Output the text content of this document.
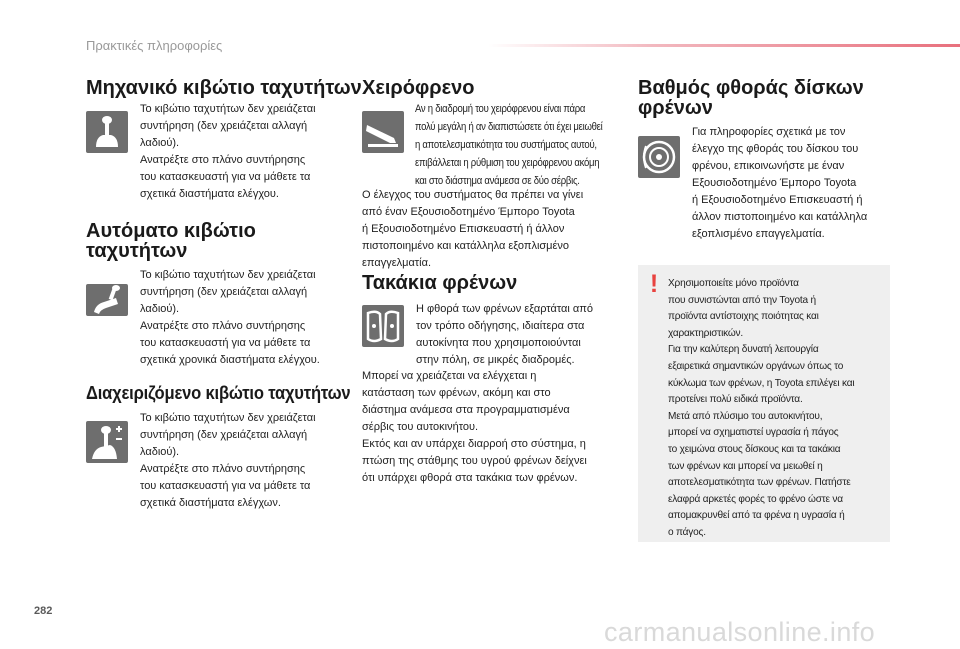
Πρακτικές πληροφορίες
Μηχανικό κιβώτιο ταχυτήτων
Το κιβώτιο ταχυτήτων δεν χρειάζεται
συντήρηση (δεν χρειάζεται αλλαγή
λαδιού).
Ανατρέξτε στο πλάνο συντήρησης
του κατασκευαστή για να μάθετε τα
σχετικά διαστήματα ελέγχου.
Αυτόματο κιβώτιο
ταχυτήτων
Το κιβώτιο ταχυτήτων δεν χρειάζεται
συντήρηση (δεν χρειάζεται αλλαγή
λαδιού).
Ανατρέξτε στο πλάνο συντήρησης
του κατασκευαστή για να μάθετε τα
σχετικά χρονικά διαστήματα ελέγχου.
Διαχειριζόμενο κιβώτιο ταχυτήτων
Το κιβώτιο ταχυτήτων δεν χρειάζεται
συντήρηση (δεν χρειάζεται αλλαγή
λαδιού).
Ανατρέξτε στο πλάνο συντήρησης
του κατασκευαστή για να μάθετε τα
σχετικά διαστήματα ελέγχων.
Χειρόφρενο
Αν η διαδρομή του χειρόφρενου είναι πάρα
πολύ μεγάλη ή αν διαπιστώσετε ότι έχει μειωθεί
η αποτελεσματικότητα του συστήματος αυτού,
επιβάλλεται η ρύθμιση του χειρόφρενου ακόμη
και στο διάστημα ανάμεσα σε δύο σέρβις.
Ο έλεγχος του συστήματος θα πρέπει να γίνει
από έναν Εξουσιοδοτημένο Έμπορο Toyota
ή Εξουσιοδοτημένο Επισκευαστή ή άλλον
πιστοποιημένο και κατάλληλα εξοπλισμένο
επαγγελματία.
Τακάκια φρένων
Η φθορά των φρένων εξαρτάται από
τον τρόπο οδήγησης, ιδιαίτερα στα
αυτοκίνητα που χρησιμοποιούνται
στην πόλη, σε μικρές διαδρομές.
Μπορεί να χρειάζεται να ελέγχεται η
κατάσταση των φρένων, ακόμη και στο
διάστημα ανάμεσα στα προγραμματισμένα
σέρβις του αυτοκινήτου.
Εκτός και αν υπάρχει διαρροή στο σύστημα, η
πτώση της στάθμης του υγρού φρένων δείχνει
ότι υπάρχει φθορά στα τακάκια των φρένων.
Βαθμός φθοράς δίσκων
φρένων
Για πληροφορίες σχετικά με τον
έλεγχο της φθοράς του δίσκου του
φρένου, επικοινωνήστε με έναν
Εξουσιοδοτημένο Έμπορο Toyota
ή Εξουσιοδοτημένο Επισκευαστή ή
άλλον πιστοποιημένο και κατάλληλα
εξοπλισμένο επαγγελματία.
! Χρησιμοποιείτε μόνο προϊόντα
που συνιστώνται από την Toyota ή
προϊόντα αντίστοιχης ποιότητας και
χαρακτηριστικών.
Για την καλύτερη δυνατή λειτουργία
εξαιρετικά σημαντικών οργάνων όπως το
κύκλωμα των φρένων, η Toyota επιλέγει και
προτείνει πολύ ειδικά προϊόντα.
Μετά από πλύσιμο του αυτοκινήτου,
μπορεί να σχηματιστεί υγρασία ή πάγος
το χειμώνα στους δίσκους και τα τακάκια
των φρένων και μπορεί να μειωθεί η
αποτελεσματικότητα των φρένων. Πατήστε
ελαφρά αρκετές φορές το φρένο ώστε να
απομακρυνθεί από τα φρένα η υγρασία ή
ο πάγος.
282
carmanualsonline.info
